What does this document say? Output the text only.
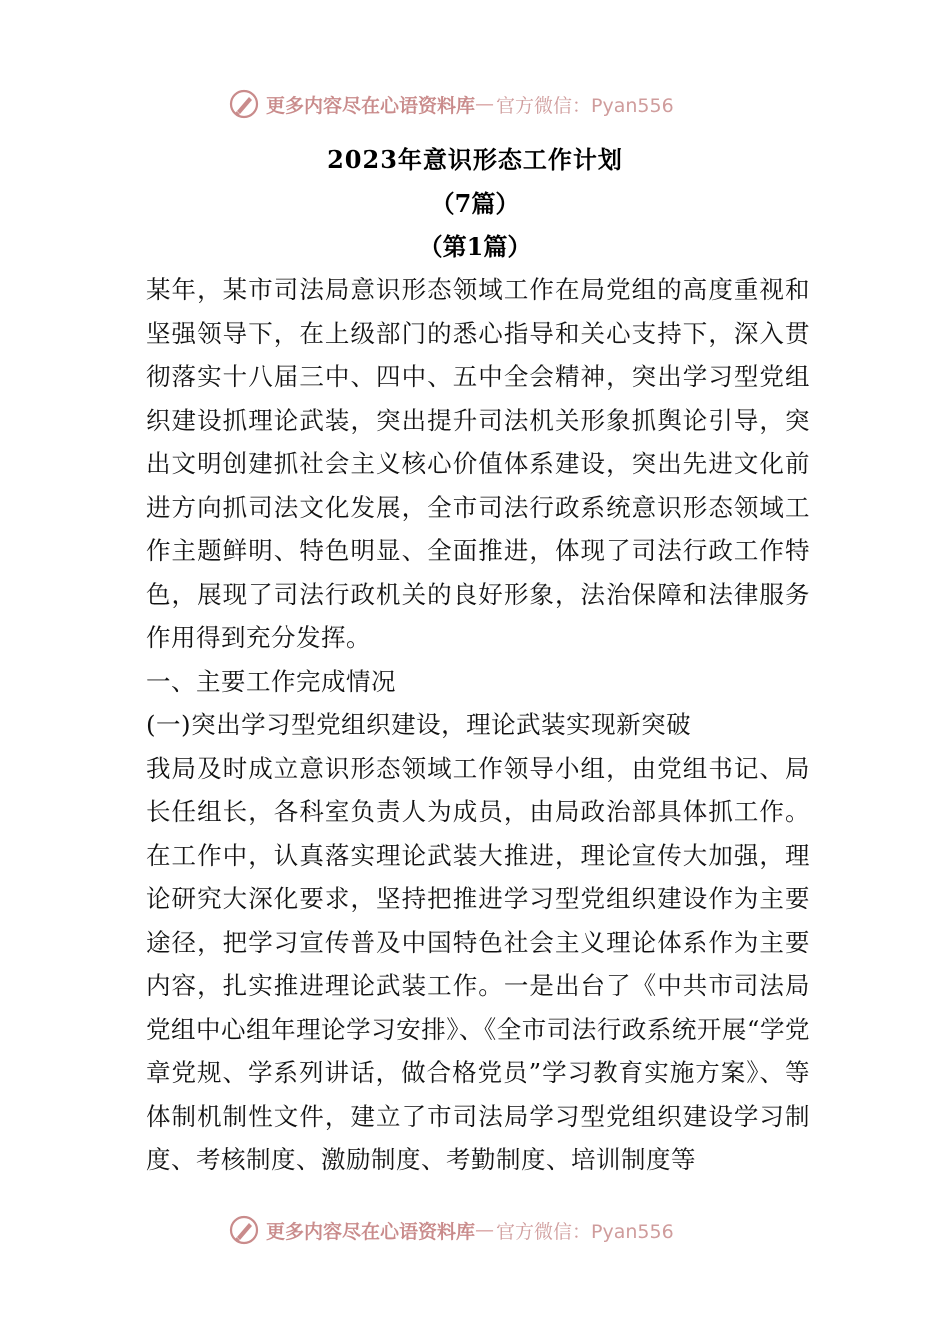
更多内容尽在心语资料库 — 官方微信：Pyan556
2023年意识形态工作计划
（7篇）
（第1篇）

某年，某市司法局意识形态领域工作在局党组的高度重视和坚强领导下，在上级部门的悉心指导和关心支持下，深入贯彻落实十八届三中、四中、五中全会精神，突出学习型党组织建设抓理论武装，突出提升司法机关形象抓舆论引导，突出文明创建抓社会主义核心价值体系建设，突出先进文化前进方向抓司法文化发展，全市司法行政系统意识形态领域工作主题鲜明、特色明显、全面推进，体现了司法行政工作特色，展现了司法行政机关的良好形象，法治保障和法律服务作用得到充分发挥。

一、主要工作完成情况

(一)突出学习型党组织建设，理论武装实现新突破

我局及时成立意识形态领域工作领导小组，由党组书记、局长任组长，各科室负责人为成员，由局政治部具体抓工作。在工作中，认真落实理论武装大推进，理论宣传大加强，理论研究大深化要求，坚持把推进学习型党组织建设作为主要途径，把学习宣传普及中国特色社会主义理论体系作为主要内容，扎实推进理论武装工作。一是出台了《中共市司法局党组中心组年理论学习安排》、《全市司法行政系统开展“学党章党规、学系列讲话，做合格党员”学习教育实施方案》、等体制机制性文件，建立了市司法局学习型党组织建设学习制度、考核制度、激励制度、考勤制度、培训制度等

更多内容尽在心语资料库 — 官方微信：Pyan556
